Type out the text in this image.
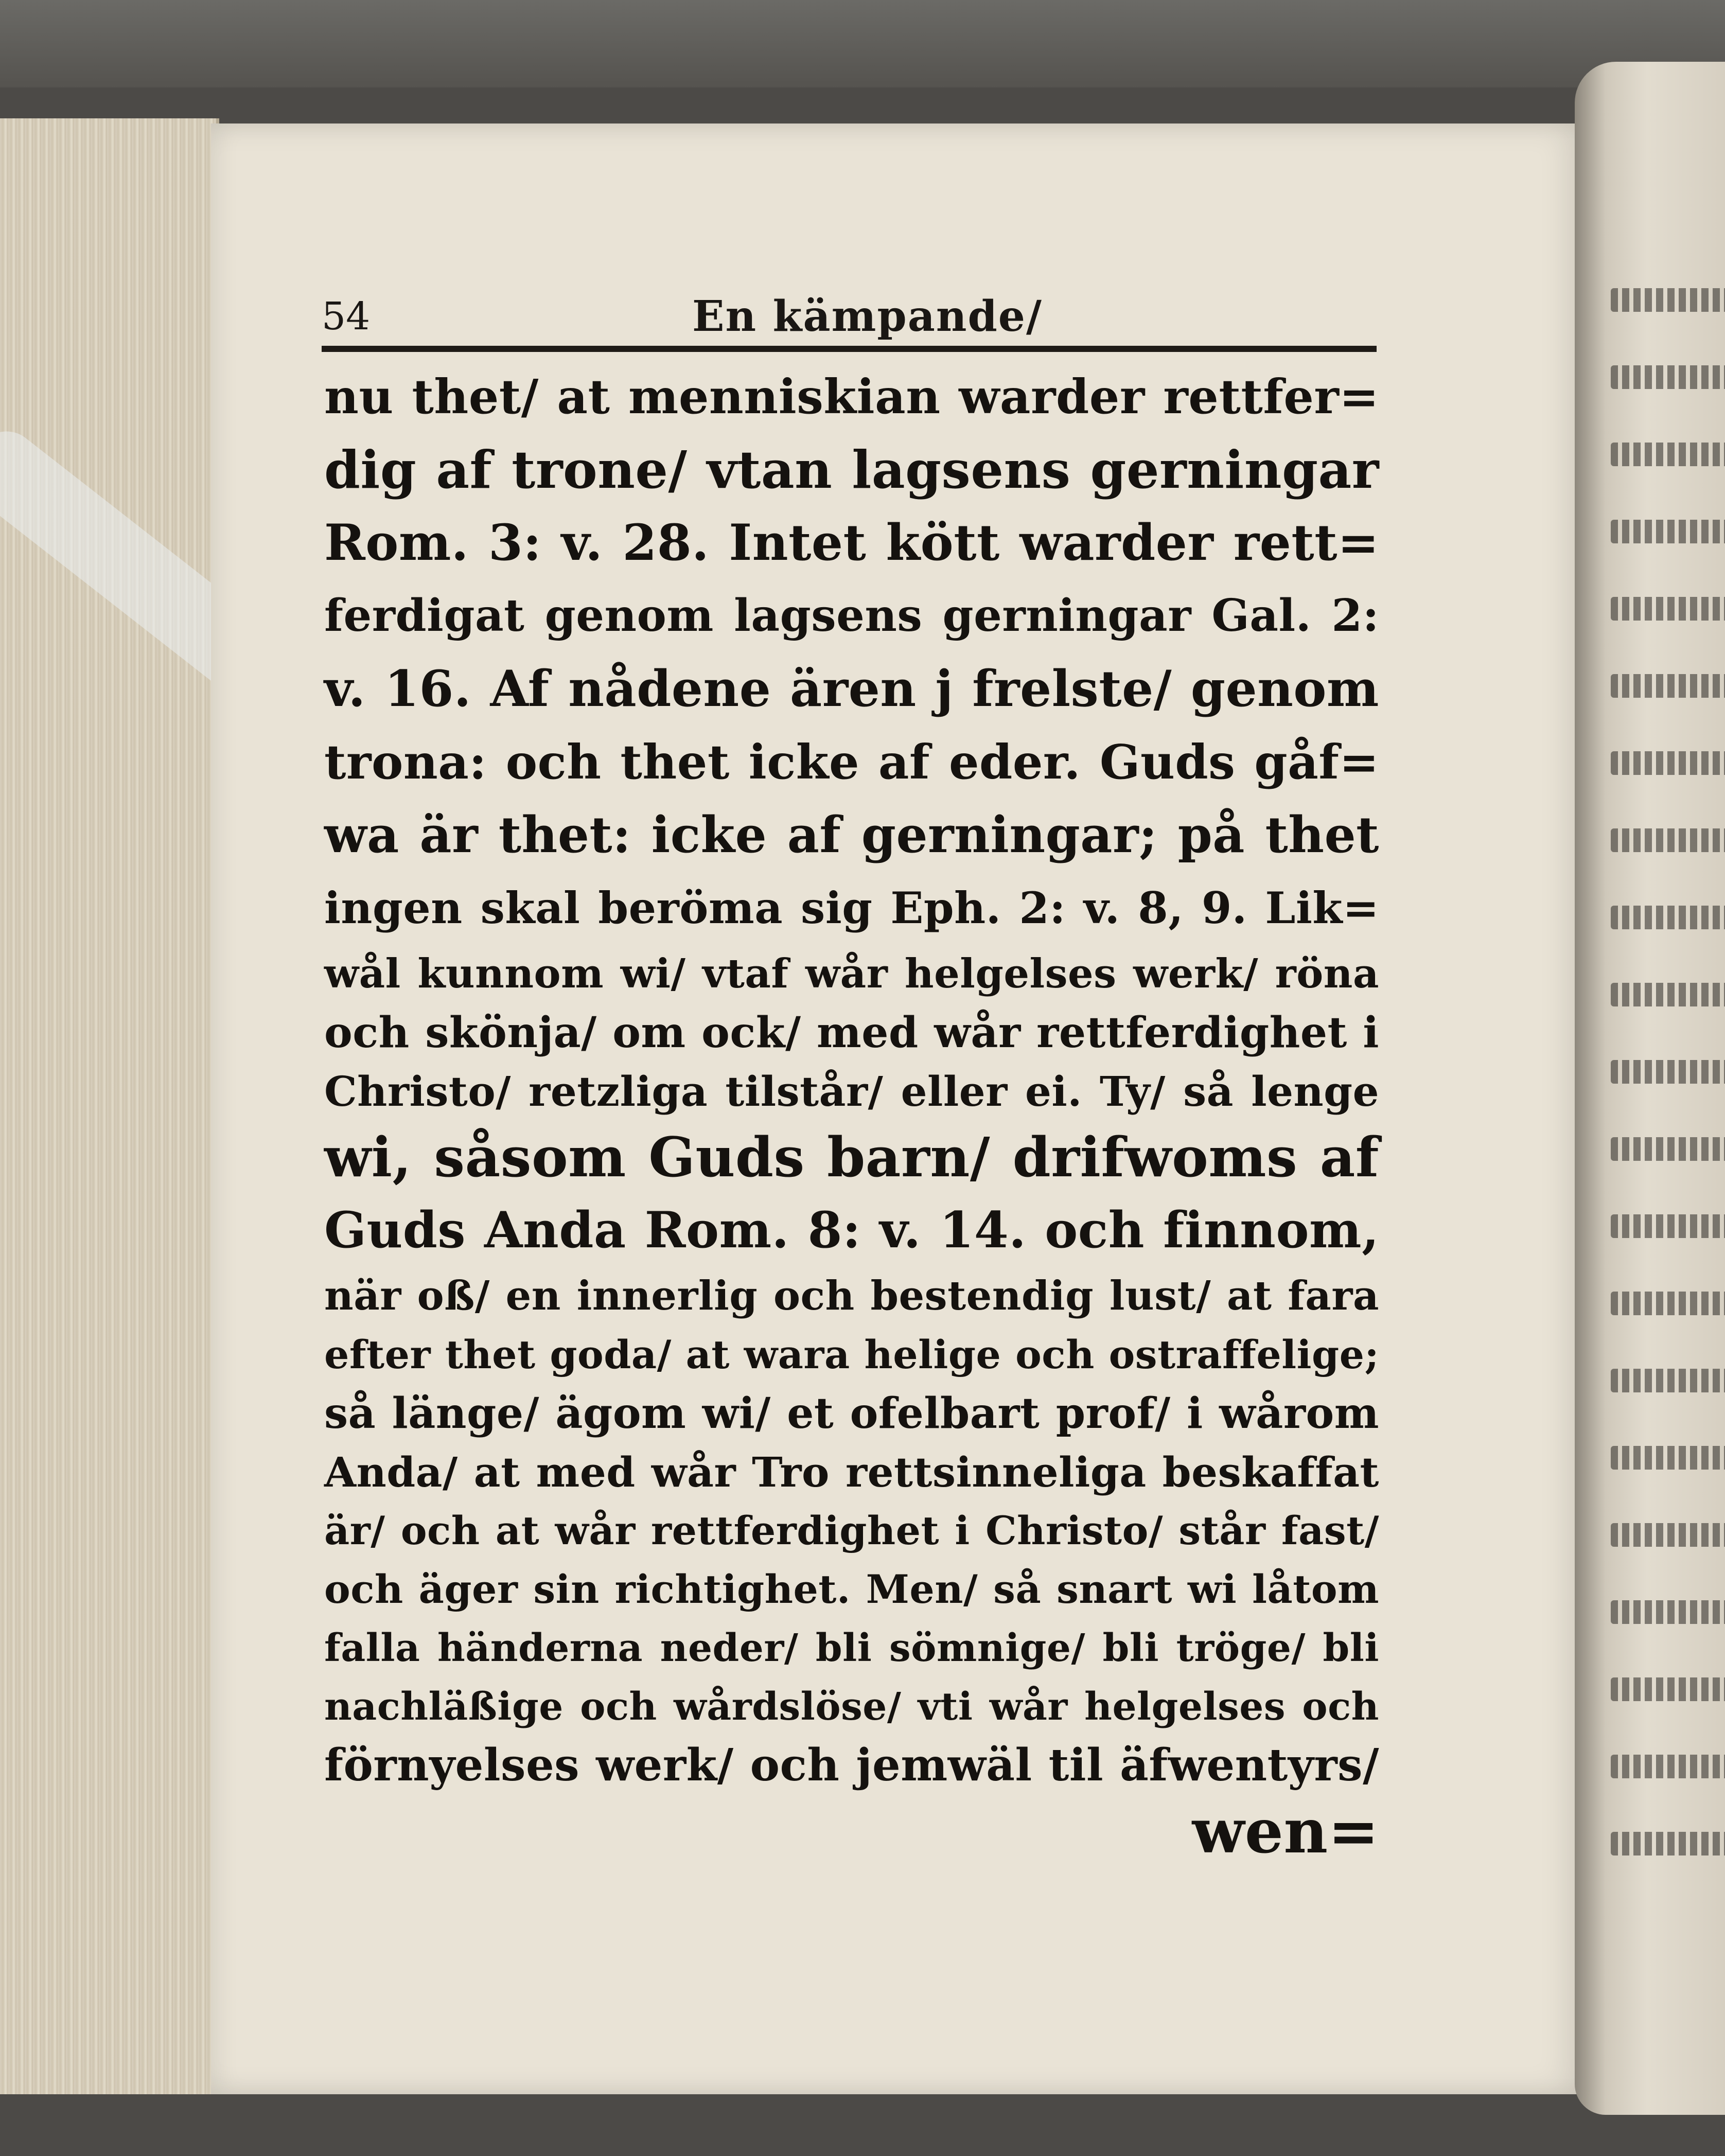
54	En kämpande/
nu thet/ at menniskian warder rettfer=
dig af trone/ vtan lagsens gerningar
Rom. 3: v. 28. Intet kött warder rett=
ferdigat genom lagsens gerningar Gal. 2:
v. 16. Af nådene ären j frelste/ genom
trona: och thet icke af eder. Guds gåf=
wa är thet: icke af gerningar; på thet
ingen skal beröma sig Eph. 2: v. 8, 9. Lik=
wål kunnom wi/ vtaf wår helgelses werk/ röna
och skönja/ om ock/ med wår rettferdighet i
Christo/ retzliga tilstår/ eller ei. Ty/ så lenge
wi, såsom Guds barn/ drifwoms af
Guds Anda Rom. 8: v. 14. och finnom,
när oß/ en innerlig och bestendig lust/ at fara
efter thet goda/ at wara helige och ostraffelige;
så länge/ ägom wi/ et ofelbart prof/ i wårom
Anda/ at med wår Tro rettsinneliga beskaffat
är/ och at wår rettferdighet i Christo/ står fast/
och äger sin richtighet. Men/ så snart wi låtom
falla händerna neder/ bli sömnige/ bli tröge/ bli
nachläßige och wårdslöse/ vti wår helgelses och
förnyelses werk/ och jemwäl til äfwentyrs/
wen=
